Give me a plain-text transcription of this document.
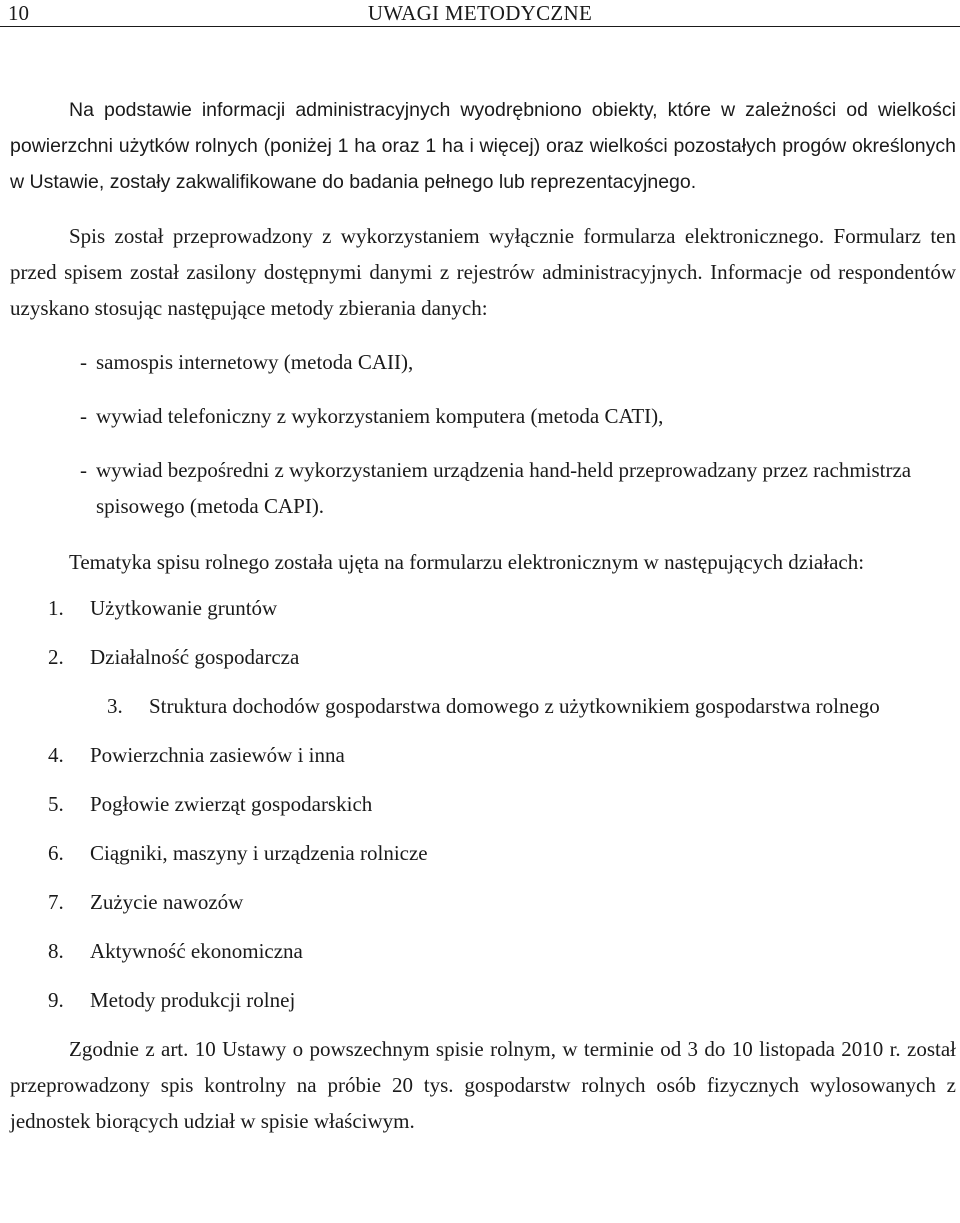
10	UWAGI METODYCZNE

Na podstawie informacji administracyjnych wyodrębniono obiekty, które w zależności od wielkości powierzchni użytków rolnych (poniżej 1 ha oraz 1 ha i więcej) oraz wielkości pozostałych progów określonych w Ustawie, zostały zakwalifikowane do badania pełnego lub reprezentacyjnego.

Spis został przeprowadzony z wykorzystaniem wyłącznie formularza elektronicznego. Formularz ten przed spisem został zasilony dostępnymi danymi z rejestrów administracyjnych. Informacje od respondentów uzyskano stosując następujące metody zbierania danych:

- samospis internetowy (metoda CAII),
- wywiad telefoniczny z wykorzystaniem komputera (metoda CATI),
- wywiad bezpośredni z wykorzystaniem urządzenia hand-held przeprowadzany przez rachmistrza spisowego (metoda CAPI).

Tematyka spisu rolnego została ujęta na formularzu elektronicznym w następujących działach:

1. Użytkowanie gruntów
2. Działalność gospodarcza
3. Struktura dochodów gospodarstwa domowego z użytkownikiem gospodarstwa rolnego
4. Powierzchnia zasiewów i inna
5. Pogłowie zwierząt gospodarskich
6. Ciągniki, maszyny i urządzenia rolnicze
7. Zużycie nawozów
8. Aktywność ekonomiczna
9. Metody produkcji rolnej

Zgodnie z art. 10 Ustawy o powszechnym spisie rolnym, w terminie od 3 do 10 listopada 2010 r. został przeprowadzony spis kontrolny na próbie 20 tys. gospodarstw rolnych osób fizycznych wylosowanych z jednostek biorących udział w spisie właściwym.
